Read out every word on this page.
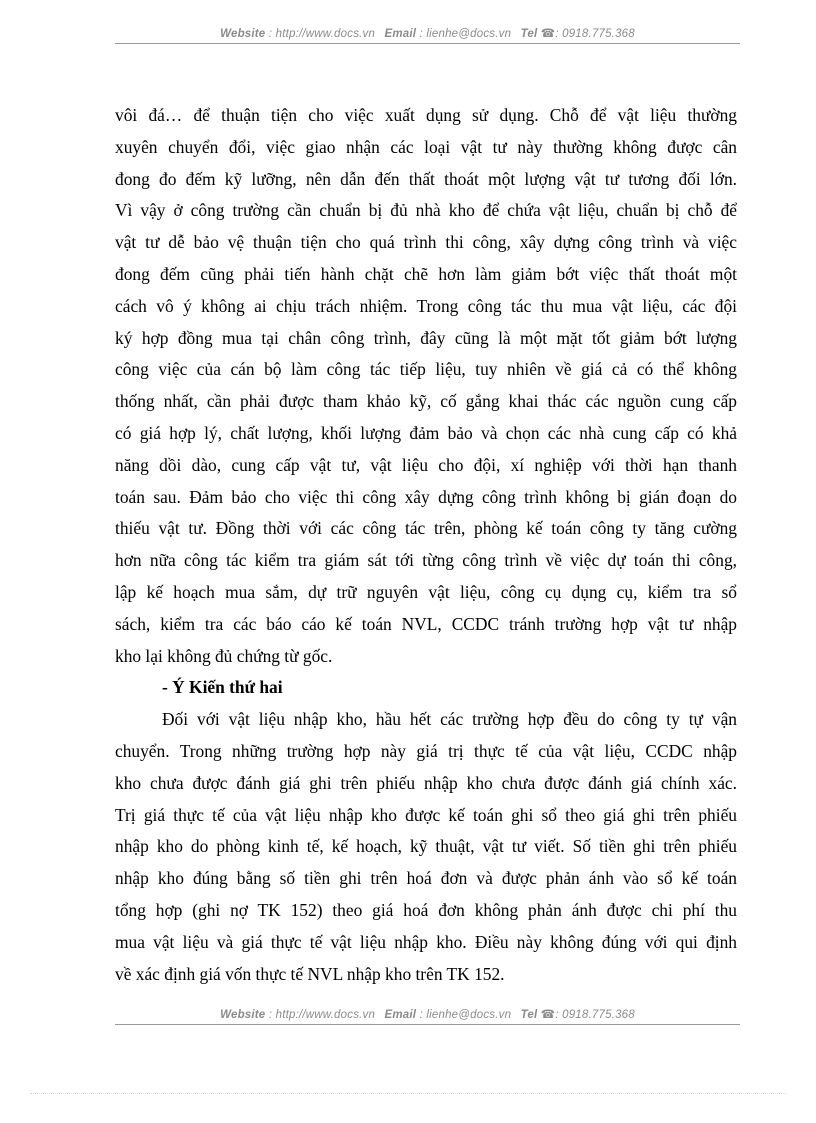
Website : http://www.docs.vn Email : lienhe@docs.vn Tel ☎: 0918.775.368
vôi đá… để thuận tiện cho việc xuất dụng sử dụng. Chỗ để vật liệu thường
xuyên chuyển đổi, việc giao nhận các loại vật tư này thường không được cân
đong đo đếm kỹ lưỡng, nên dẫn đến thất thoát một lượng vật tư tương đối lớn.
Vì vậy ở công trường cần chuẩn bị đủ nhà kho để chứa vật liệu, chuẩn bị chỗ để
vật tư dễ bảo vệ thuận tiện cho quá trình thi công, xây dựng công trình và việc
đong đếm cũng phải tiến hành chặt chẽ hơn làm giảm bớt việc thất thoát một
cách vô ý không ai chịu trách nhiệm. Trong công tác thu mua vật liệu, các đội
ký hợp đồng mua tại chân công trình, đây cũng là một mặt tốt giảm bớt lượng
công việc của cán bộ làm công tác tiếp liệu, tuy nhiên về giá cả có thể không
thống nhất, cần phải được tham khảo kỹ, cố gắng khai thác các nguồn cung cấp
có giá hợp lý, chất lượng, khối lượng đảm bảo và chọn các nhà cung cấp có khả
năng dồi dào, cung cấp vật tư, vật liệu cho đội, xí nghiệp với thời hạn thanh
toán sau. Đảm bảo cho việc thi công xây dựng công trình không bị gián đoạn do
thiếu vật tư. Đồng thời với các công tác trên, phòng kế toán công ty tăng cường
hơn nữa công tác kiểm tra giám sát tới từng công trình về việc dự toán thi công,
lập kế hoạch mua sắm, dự trữ nguyên vật liệu, công cụ dụng cụ, kiểm tra sổ
sách, kiểm tra các báo cáo kế toán NVL, CCDC tránh trường hợp vật tư nhập
kho lại không đủ chứng từ gốc.
- Ý Kiến thứ hai
Đối với vật liệu nhập kho, hầu hết các trường hợp đều do công ty tự vận
chuyển. Trong những trường hợp này giá trị thực tế của vật liệu, CCDC nhập
kho chưa được đánh giá ghi trên phiếu nhập kho chưa được đánh giá chính xác.
Trị giá thực tế của vật liệu nhập kho được kế toán ghi sổ theo giá ghi trên phiếu
nhập kho do phòng kinh tế, kế hoạch, kỹ thuật, vật tư viết. Số tiền ghi trên phiếu
nhập kho đúng bằng số tiền ghi trên hoá đơn và được phản ánh vào sổ kế toán
tổng hợp (ghi nợ TK 152) theo giá hoá đơn không phản ánh được chi phí thu
mua vật liệu và giá thực tế vật liệu nhập kho. Điều này không đúng với qui định
về xác định giá vốn thực tế NVL nhập kho trên TK 152.
Website : http://www.docs.vn Email : lienhe@docs.vn Tel ☎: 0918.775.368
